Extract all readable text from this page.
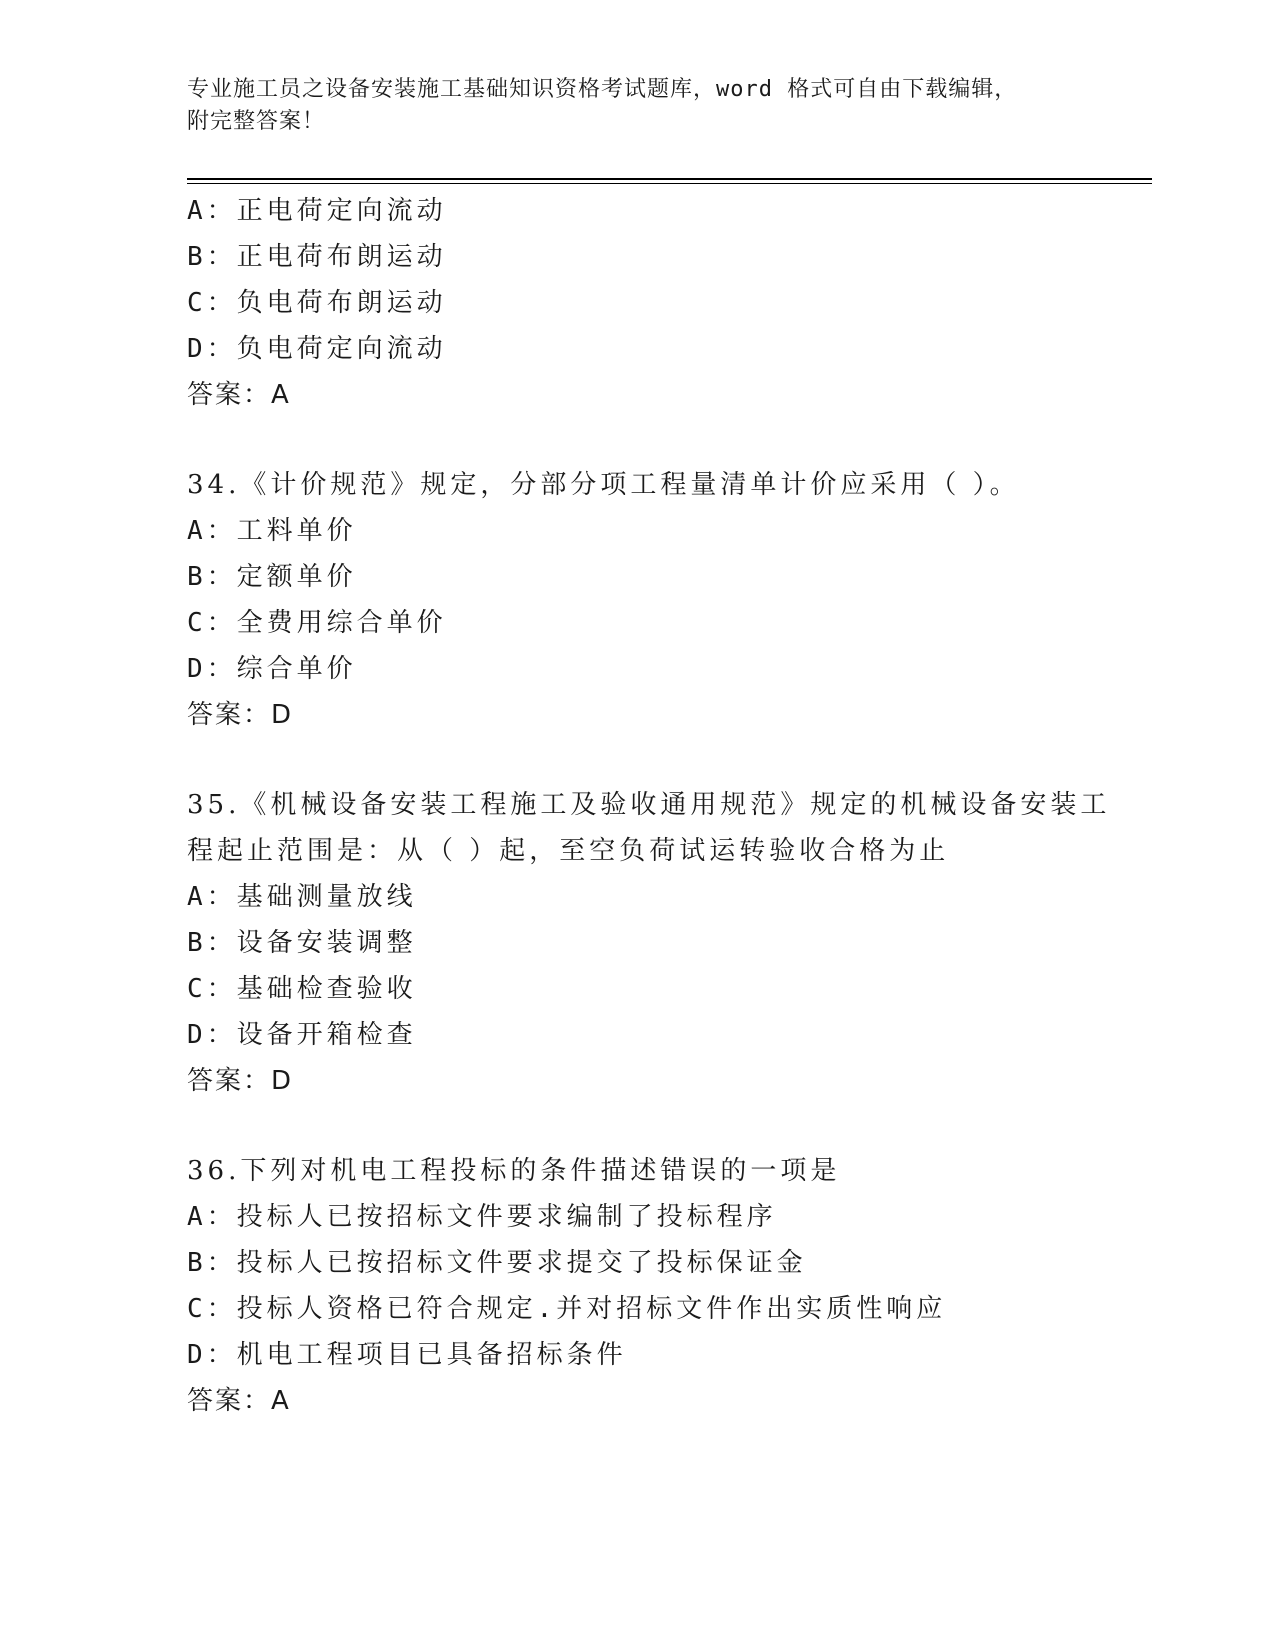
专业施工员之设备安装施工基础知识资格考试题库，word 格式可自由下载编辑，
附完整答案！
A：正电荷定向流动
B：正电荷布朗运动
C：负电荷布朗运动
D：负电荷定向流动
答案：A
34.《计价规范》规定，分部分项工程量清单计价应采用（ ）。
A：工料单价
B：定额单价
C：全费用综合单价
D：综合单价
答案：D
35.《机械设备安装工程施工及验收通用规范》规定的机械设备安装工
程起止范围是：从（ ）起，至空负荷试运转验收合格为止
A：基础测量放线
B：设备安装调整
C：基础检查验收
D：设备开箱检查
答案：D
36.下列对机电工程投标的条件描述错误的一项是
A：投标人已按招标文件要求编制了投标程序
B：投标人已按招标文件要求提交了投标保证金
C：投标人资格已符合规定.并对招标文件作出实质性响应
D：机电工程项目已具备招标条件
答案：A
